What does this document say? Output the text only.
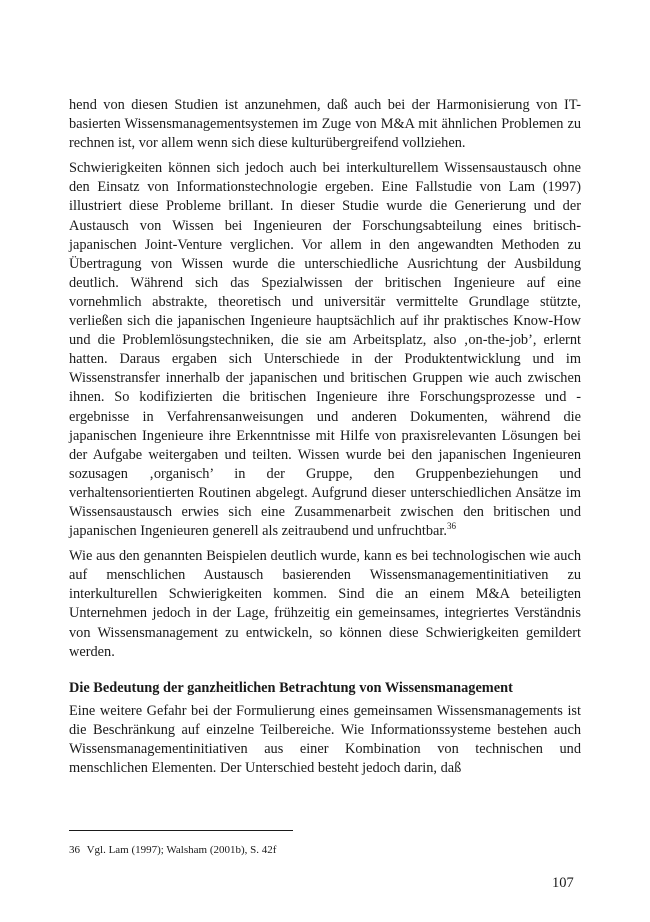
hend von diesen Studien ist anzunehmen, daß auch bei der Harmonisierung von IT-basierten Wissensmanagementsystemen im Zuge von M&A mit ähnlichen Problemen zu rechnen ist, vor allem wenn sich diese kulturübergreifend vollziehen.

Schwierigkeiten können sich jedoch auch bei interkulturellem Wissensaustausch ohne den Einsatz von Informationstechnologie ergeben. Eine Fallstudie von Lam (1997) illustriert diese Probleme brillant. In dieser Studie wurde die Generierung und der Austausch von Wissen bei Ingenieuren der Forschungsabteilung eines britisch-japanischen Joint-Venture verglichen. Vor allem in den angewandten Methoden zu Übertragung von Wissen wurde die unterschiedliche Ausrichtung der Ausbildung deutlich. Während sich das Spezialwissen der britischen Ingenieure auf eine vornehmlich abstrakte, theoretisch und universitär vermittelte Grundlage stützte, verließen sich die japanischen Ingenieure hauptsächlich auf ihr praktisches Know-How und die Problemlösungstechniken, die sie am Arbeitsplatz, also ‚on-the-job’, erlernt hatten. Daraus ergaben sich Unterschiede in der Produktentwicklung und im Wissenstransfer innerhalb der japanischen und britischen Gruppen wie auch zwischen ihnen. So kodifizierten die britischen Ingenieure ihre Forschungsprozesse und -ergebnisse in Verfahrensanweisungen und anderen Dokumenten, während die japanischen Ingenieure ihre Erkenntnisse mit Hilfe von praxisrelevanten Lösungen bei der Aufgabe weitergaben und teilten. Wissen wurde bei den japanischen Ingenieuren sozusagen ‚organisch’ in der Gruppe, den Gruppenbeziehungen und verhaltensorientierten Routinen abgelegt. Aufgrund dieser unterschiedlichen Ansätze im Wissensaustausch erwies sich eine Zusammenarbeit zwischen den britischen und japanischen Ingenieuren generell als zeitraubend und unfruchtbar.$^{36}$

Wie aus den genannten Beispielen deutlich wurde, kann es bei technologischen wie auch auf menschlichen Austausch basierenden Wissensmanagementinitiativen zu interkulturellen Schwierigkeiten kommen. Sind die an einem M&A beteiligten Unternehmen jedoch in der Lage, frühzeitig ein gemeinsames, integriertes Verständnis von Wissensmanagement zu entwickeln, so können diese Schwierigkeiten gemildert werden.

Die Bedeutung der ganzheitlichen Betrachtung von Wissensmanagement

Eine weitere Gefahr bei der Formulierung eines gemeinsamen Wissensmanagements ist die Beschränkung auf einzelne Teilbereiche. Wie Informationssysteme bestehen auch Wissensmanagementinitiativen aus einer Kombination von technischen und menschlichen Elementen. Der Unterschied besteht jedoch darin, daß

36 Vgl. Lam (1997); Walsham (2001b), S. 42f
107
